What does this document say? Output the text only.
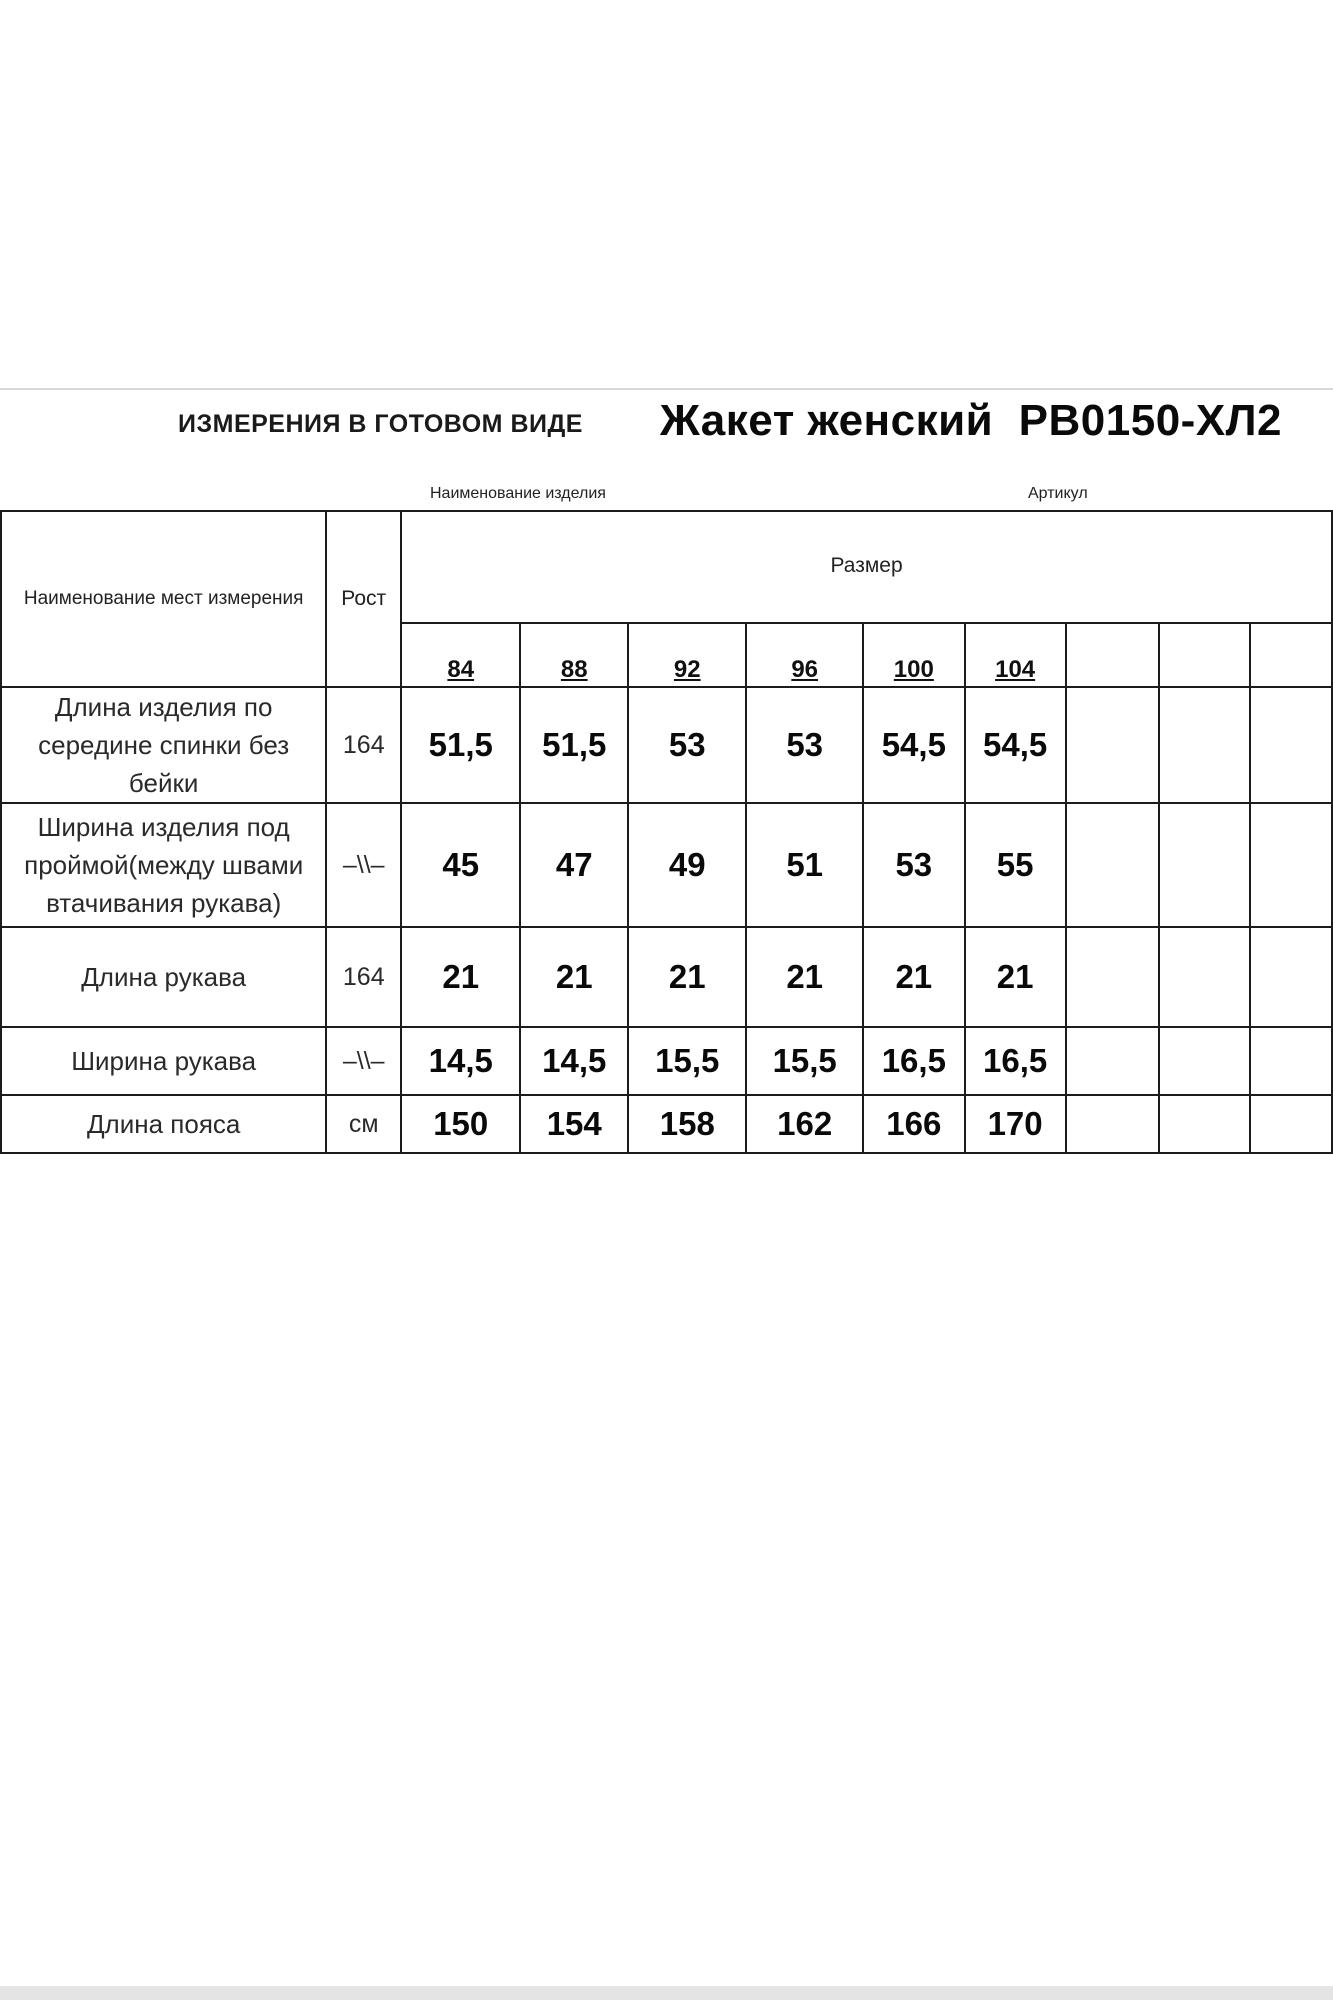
ИЗМЕРЕНИЯ В ГОТОВОМ ВИДЕ Жакет женский РВ0150-ХЛ2
Наименование изделия	Артикул
Наименование мест измерения	Рост	Размер								
		84	88	92	96	100	104			
Длина изделия по середине спинки без бейки	164	51,5	51,5	53	53	54,5	54,5			
Ширина изделия под проймой(между швами втачивания рукава)	–\\–	45	47	49	51	53	55			
Длина рукава	164	21	21	21	21	21	21			
Ширина рукава	–\\–	14,5	14,5	15,5	15,5	16,5	16,5			
Длина пояса	см	150	154	158	162	166	170			
